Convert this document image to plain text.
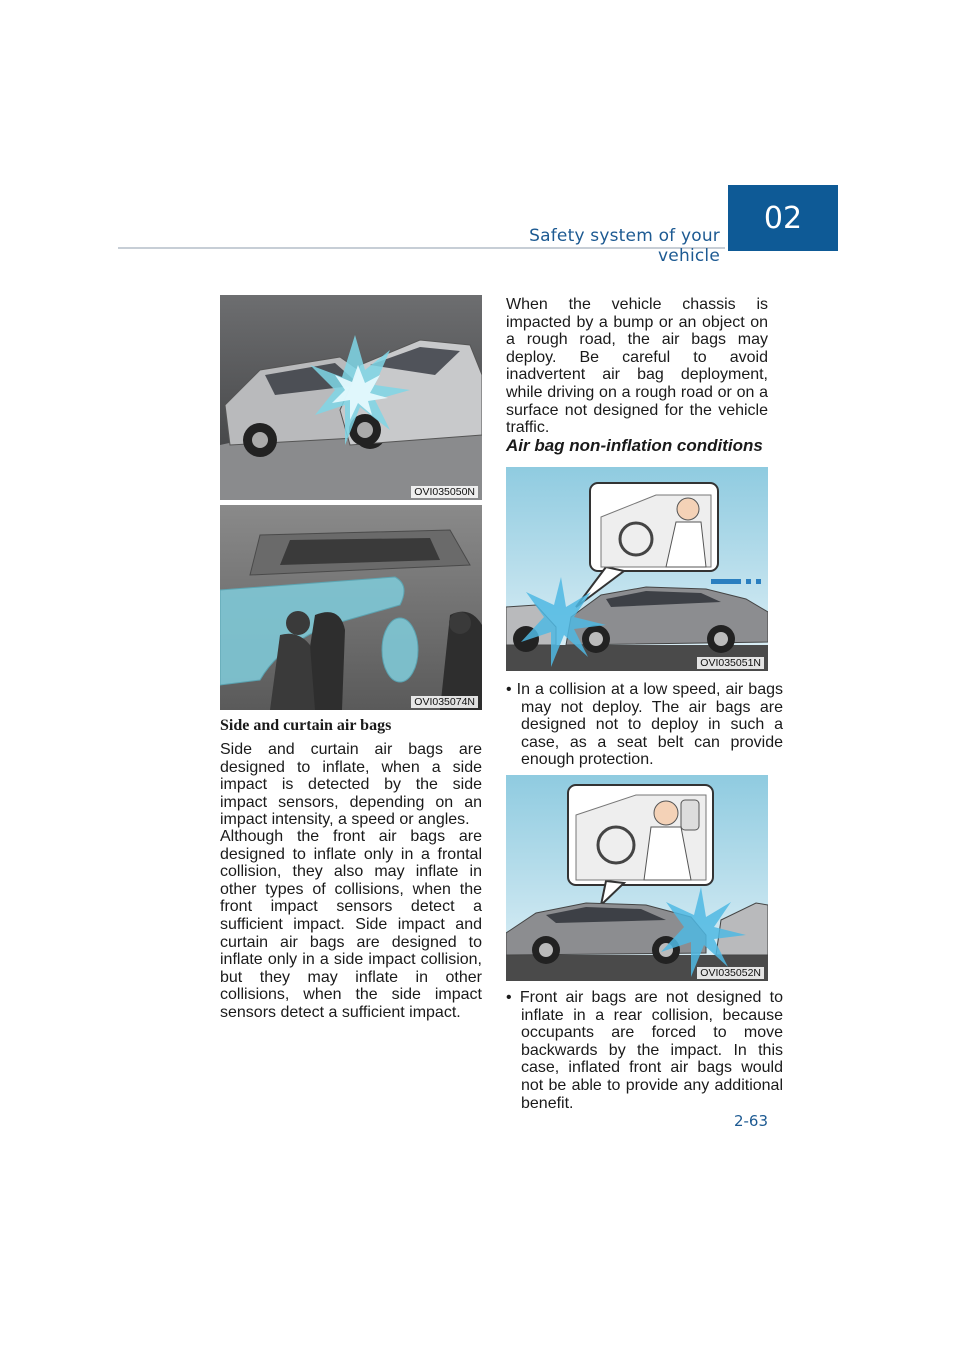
Safety system of your vehicle
02
OVI035050N
OVI035074N
Side and curtain air bags

Side and curtain air bags are designed to inflate, when a side impact is detected by the side impact sensors, depending on an impact intensity, a speed or angles.

Although the front air bags are designed to inflate only in a frontal collision, they also may inflate in other types of collisions, when the front impact sensors detect a sufficient impact. Side impact and curtain air bags are designed to inflate only in a side impact collision, but they may inflate in other collisions, when the side impact sensors detect a sufficient impact.

When the vehicle chassis is impacted by a bump or an object on a rough road, the air bags may deploy. Be careful to avoid inadvertent air bag deployment, while driving on a rough road or on a surface not designed for the vehicle traffic.

Air bag non-inflation conditions
OVI035051N

• In a collision at a low speed, air bags may not deploy. The air bags are designed not to deploy in such a case, as a seat belt can provide enough protection.

OVI035052N

• Front air bags are not designed to inflate in a rear collision, because occupants are forced to move backwards by the impact. In this case, inflated front air bags would not be able to provide any additional benefit.

2-63
